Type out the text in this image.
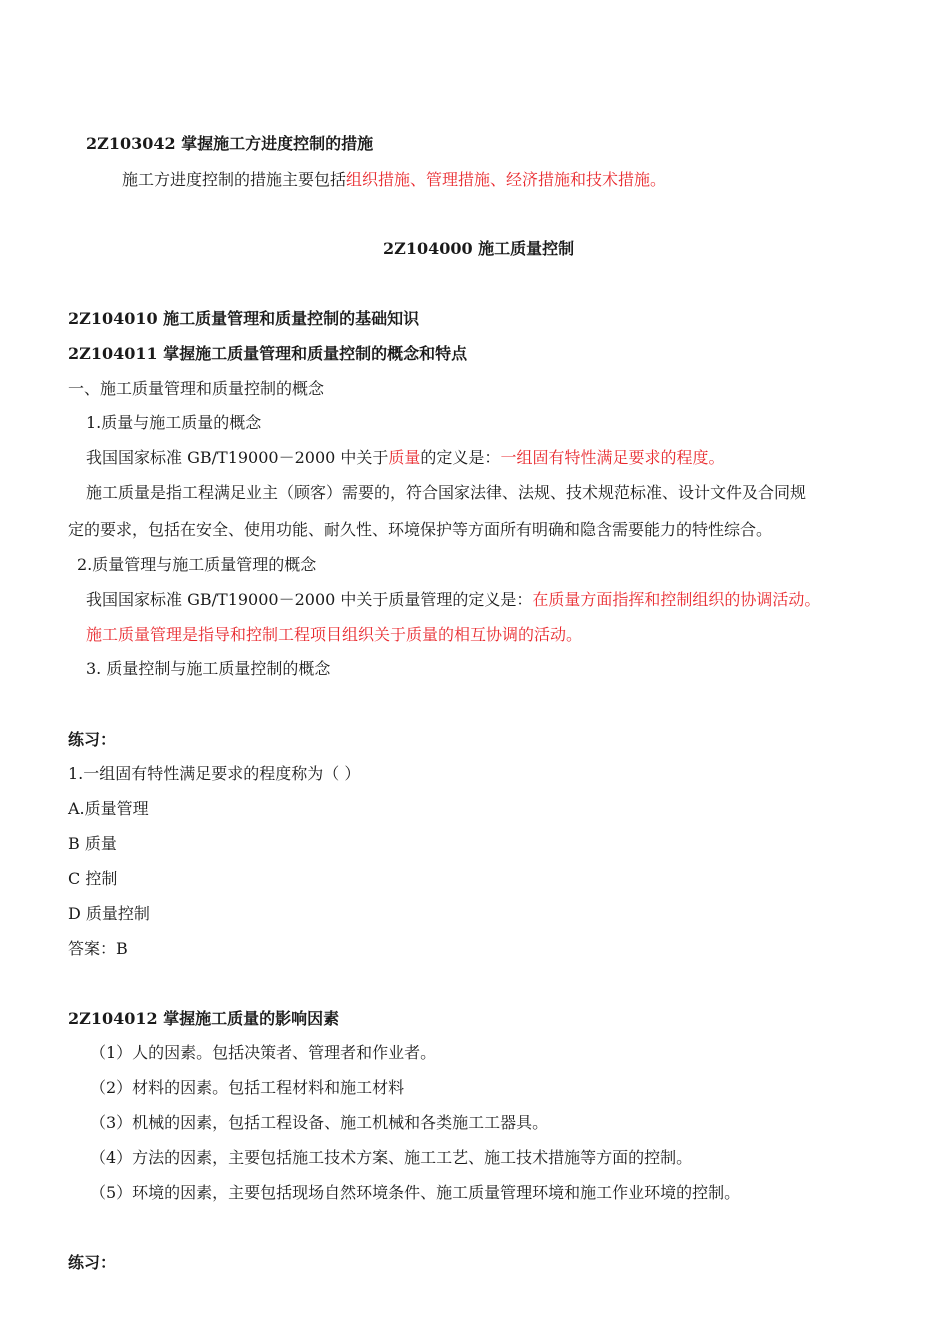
2Z103042 掌握施工方进度控制的措施
施工方进度控制的措施主要包括组织措施、管理措施、经济措施和技术措施。
2Z104000 施工质量控制
2Z104010 施工质量管理和质量控制的基础知识
2Z104011 掌握施工质量管理和质量控制的概念和特点
一、施工质量管理和质量控制的概念
1.质量与施工质量的概念
我国国家标准 GB/T19000－2000 中关于质量的定义是：一组固有特性满足要求的程度。
施工质量是指工程满足业主（顾客）需要的，符合国家法律、法规、技术规范标准、设计文件及合同规
定的要求，包括在安全、使用功能、耐久性、环境保护等方面所有明确和隐含需要能力的特性综合。
2.质量管理与施工质量管理的概念
我国国家标准 GB/T19000－2000 中关于质量管理的定义是：在质量方面指挥和控制组织的协调活动。
施工质量管理是指导和控制工程项目组织关于质量的相互协调的活动。
3. 质量控制与施工质量控制的概念
练习：
1.一组固有特性满足要求的程度称为（ ）
A.质量管理
B 质量
C 控制
D 质量控制
答案：B
2Z104012 掌握施工质量的影响因素
（1）人的因素。包括决策者、管理者和作业者。
（2）材料的因素。包括工程材料和施工材料
（3）机械的因素，包括工程设备、施工机械和各类施工工器具。
（4）方法的因素，主要包括施工技术方案、施工工艺、施工技术措施等方面的控制。
（5）环境的因素，主要包括现场自然环境条件、施工质量管理环境和施工作业环境的控制。
练习：
